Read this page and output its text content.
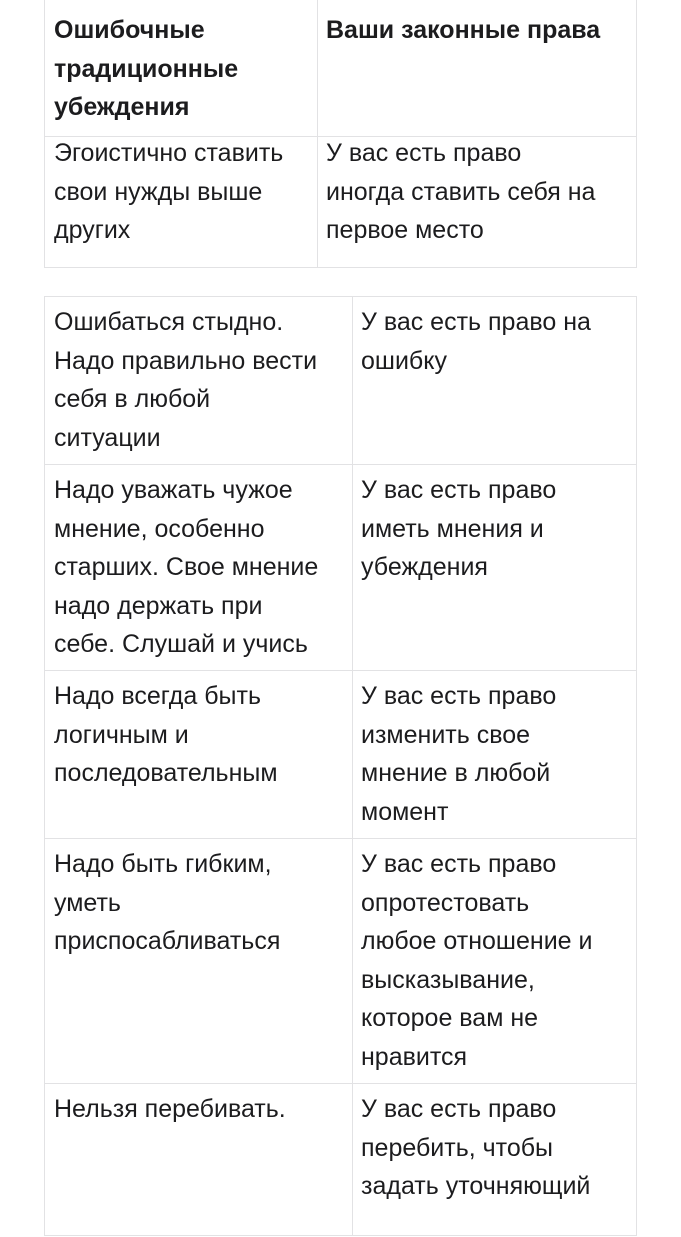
Ошибочные
традиционные
убеждения

Ваши законные права

Эгоистично ставить
свои нужды выше
других

У вас есть право
иногда ставить себя на
первое место

Ошибаться стыдно.
Надо правильно вести
себя в любой
ситуации

У вас есть право на
ошибку

Надо уважать чужое
мнение, особенно
старших. Свое мнение
надо держать при
себе. Слушай и учись

У вас есть право
иметь мнения и
убеждения

Надо всегда быть
логичным и
последовательным

У вас есть право
изменить свое
мнение в любой
момент

Надо быть гибким,
уметь
приспосабливаться

У вас есть право
опротестовать
любое отношение и
высказывание,
которое вам не
нравится

Нельзя перебивать.	У вас есть право
перебить, чтобы
задать уточняющий
